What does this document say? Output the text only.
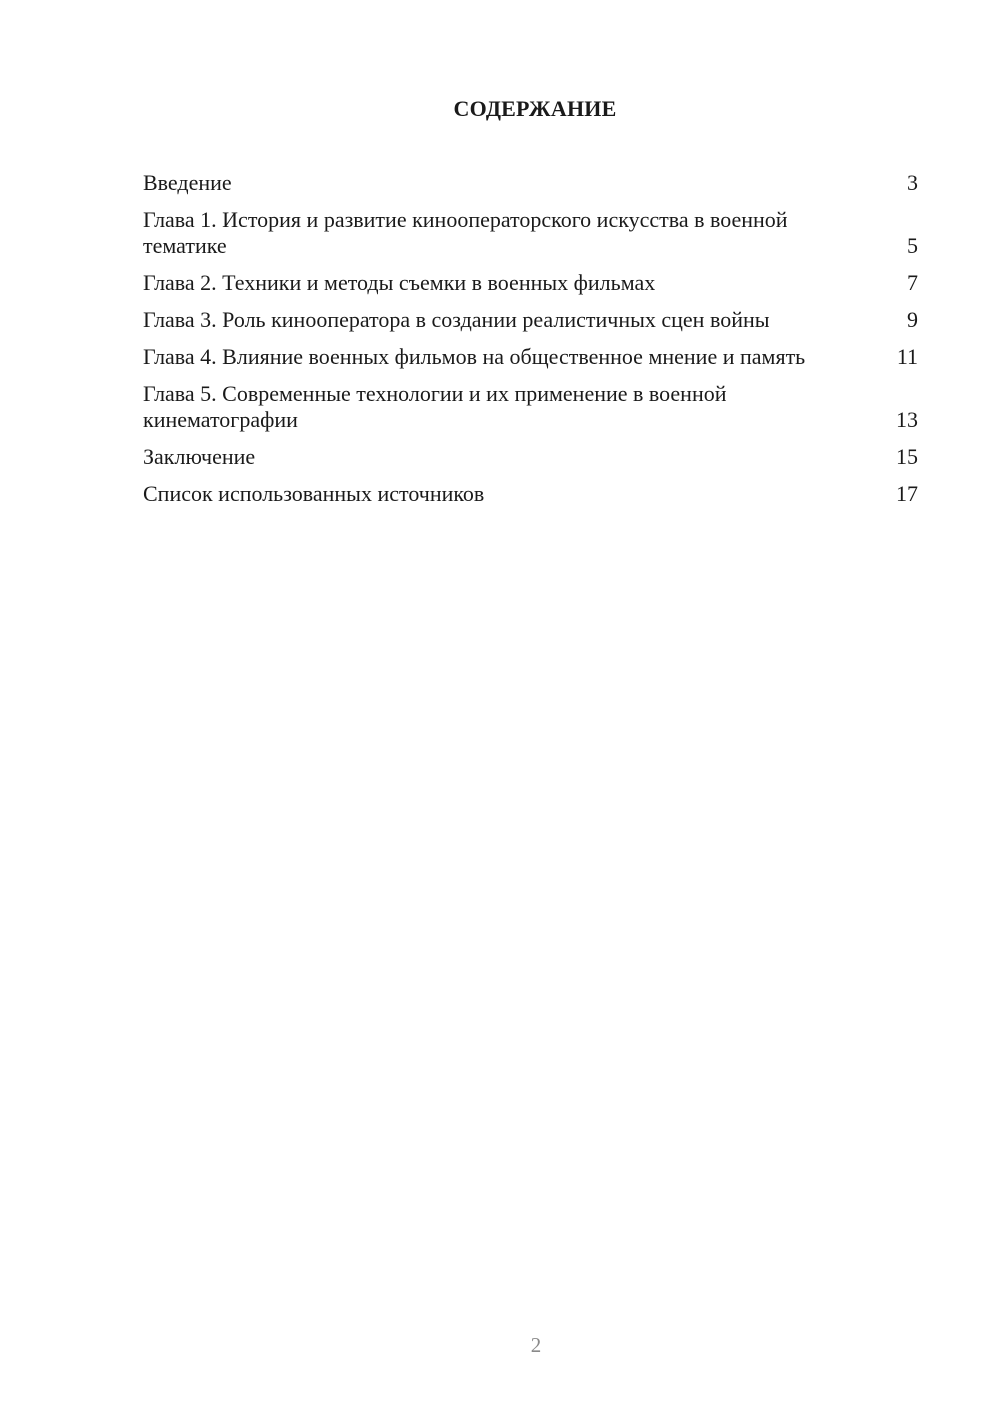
СОДЕРЖАНИЕ
Введение	3
Глава 1. История и развитие кинооператорского искусства в военной тематике	5
Глава 2. Техники и методы съемки в военных фильмах	7
Глава 3. Роль кинооператора в создании реалистичных сцен войны	9
Глава 4. Влияние военных фильмов на общественное мнение и память	11
Глава 5. Современные технологии и их применение в военной кинематографии	13
Заключение	15
Список использованных источников	17
2
